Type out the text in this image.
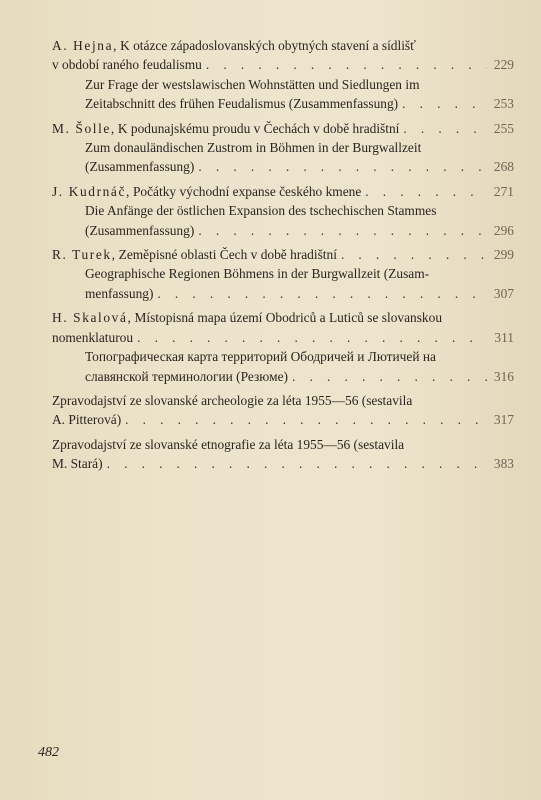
A. Hejna, K otázce západoslovanských obytných stavení a sídlišť
v období raného feudalismu . . .	229
Zur Frage der westslawischen Wohnstätten und Siedlungen im
Zeitabschnitt des frühen Feudalismus (Zusammenfassung) . . .	253
M. Šolle, K podunajskému proudu v Čechách v době hradištní . . .	255
Zum donauländischen Zustrom in Böhmen in der Burgwallzeit
(Zusammenfassung) . . .	268
J. Kudrnáč, Počátky východní expanse českého kmene . . .	271
Die Anfänge der östlichen Expansion des tschechischen Stammes
(Zusammenfassung) . . .	296
R. Turek, Zeměpisné oblasti Čech v době hradištní . . .	299
Geographische Regionen Böhmens in der Burgwallzeit (Zusam-
menfassung) . . .	307
H. Skalová, Místopisná mapa území Obodriců a Luticů se slovanskou
nomenklaturou . . .	311
Топографическая карта территорий Ободричей и Лютичей на
славянской терминологии (Резюме) . . .	316
Zpravodajství ze slovanské archeologie za léta 1955—56 (sestavila
A. Pitterová) . . .	317
Zpravodajství ze slovanské etnografie za léta 1955—56 (sestavila
M. Stará) . . .	383
482
